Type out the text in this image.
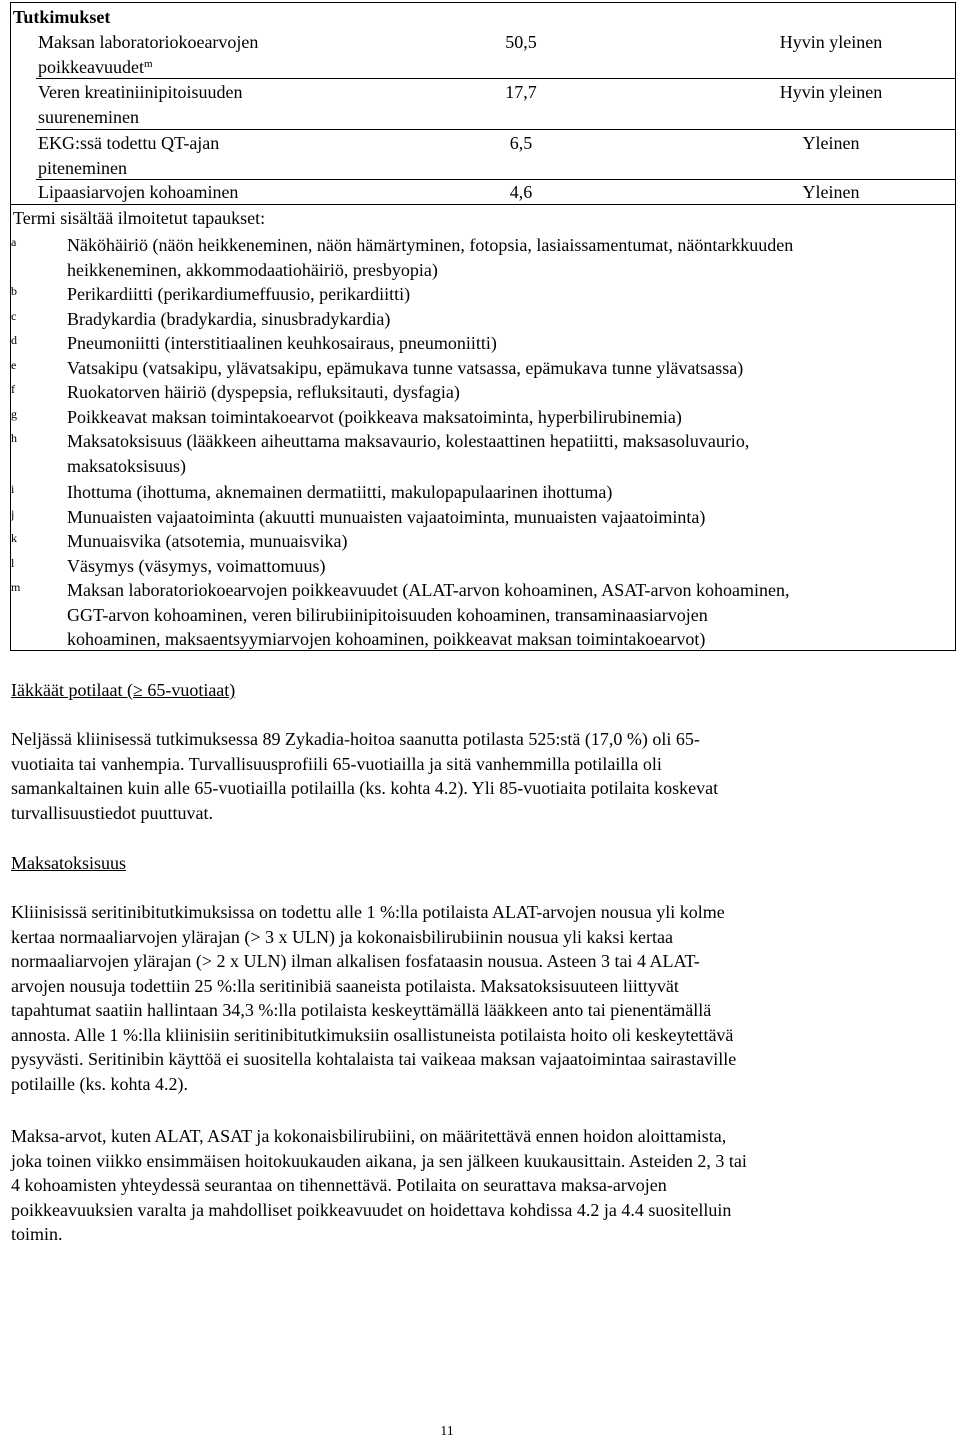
Tutkimukset
Maksan laboratoriokoearvojen
poikkeavuudet$^m$
50,5	Hyvin yleinen
Veren kreatiniinipitoisuuden
suureneminen
17,7	Hyvin yleinen
EKG:ssä todettu QT-ajan
piteneminen
6,5	Yleinen
Lipaasiarvojen kohoaminen	4,6	Yleinen
Termi sisältää ilmoitetut tapaukset:
a	Näköhäiriö (näön heikkeneminen, näön hämärtyminen, fotopsia, lasiaissamentumat, näöntarkkuuden
heikkeneminen, akkommodaatiohäiriö, presbyopia)
b	Perikardiitti (perikardiumeffuusio, perikardiitti)
c	Bradykardia (bradykardia, sinusbradykardia)
d	Pneumoniitti (interstitiaalinen keuhkosairaus, pneumoniitti)
e	Vatsakipu (vatsakipu, ylävatsakipu, epämukava tunne vatsassa, epämukava tunne ylävatsassa)
f	Ruokatorven häiriö (dyspepsia, refluksitauti, dysfagia)
g	Poikkeavat maksan toimintakoearvot (poikkeava maksatoiminta, hyperbilirubinemia)
h	Maksatoksisuus (lääkkeen aiheuttama maksavaurio, kolestaattinen hepatiitti, maksasoluvaurio,
maksatoksisuus)
i	Ihottuma (ihottuma, aknemainen dermatiitti, makulopapulaarinen ihottuma)
j	Munuaisten vajaatoiminta (akuutti munuaisten vajaatoiminta, munuaisten vajaatoiminta)
k	Munuaisvika (atsotemia, munuaisvika)
l	Väsymys (väsymys, voimattomuus)
m	Maksan laboratoriokoearvojen poikkeavuudet (ALAT-arvon kohoaminen, ASAT-arvon kohoaminen,
GGT-arvon kohoaminen, veren bilirubiinipitoisuuden kohoaminen, transaminaasiarvojen
kohoaminen, maksaentsyymiarvojen kohoaminen, poikkeavat maksan toimintakoearvot)
Iäkkäät potilaat (≥ 65-vuotiaat)
Neljässä kliinisessä tutkimuksessa 89 Zykadia-hoitoa saanutta potilasta 525:stä (17,0 %) oli 65-
vuotiaita tai vanhempia. Turvallisuusprofiili 65-vuotiailla ja sitä vanhemmilla potilailla oli
samankaltainen kuin alle 65-vuotiailla potilailla (ks. kohta 4.2). Yli 85-vuotiaita potilaita koskevat
turvallisuustiedot puuttuvat.
Maksatoksisuus
Kliinisissä seritinibitutkimuksissa on todettu alle 1 %:lla potilaista ALAT-arvojen nousua yli kolme
kertaa normaaliarvojen ylärajan (> 3 x ULN) ja kokonaisbilirubiinin nousua yli kaksi kertaa
normaaliarvojen ylärajan (> 2 x ULN) ilman alkalisen fosfataasin nousua. Asteen 3 tai 4 ALAT-
arvojen nousuja todettiin 25 %:lla seritinibiä saaneista potilaista. Maksatoksisuuteen liittyvät
tapahtumat saatiin hallintaan 34,3 %:lla potilaista keskeyttämällä lääkkeen anto tai pienentämällä
annosta. Alle 1 %:lla kliinisiin seritinibitutkimuksiin osallistuneista potilaista hoito oli keskeytettävä
pysyvästi. Seritinibin käyttöä ei suositella kohtalaista tai vaikeaa maksan vajaatoimintaa sairastaville
potilaille (ks. kohta 4.2).
Maksa-arvot, kuten ALAT, ASAT ja kokonaisbilirubiini, on määritettävä ennen hoidon aloittamista,
joka toinen viikko ensimmäisen hoitokuukauden aikana, ja sen jälkeen kuukausittain. Asteiden 2, 3 tai
4 kohoamisten yhteydessä seurantaa on tihennettävä. Potilaita on seurattava maksa-arvojen
poikkeavuuksien varalta ja mahdolliset poikkeavuudet on hoidettava kohdissa 4.2 ja 4.4 suositelluin
toimin.
11
